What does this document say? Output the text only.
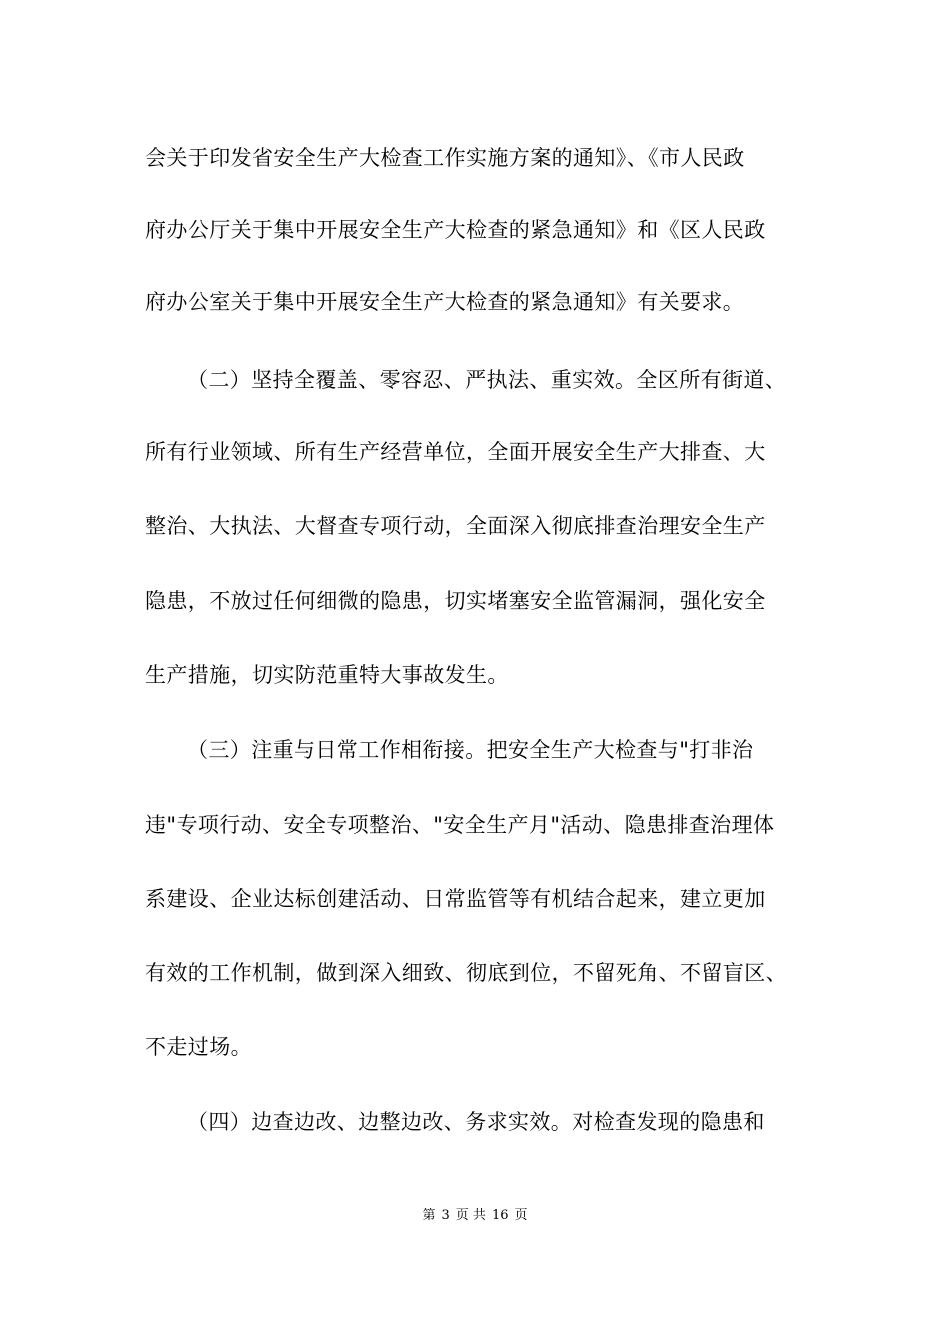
会关于印发省安全生产大检查工作实施方案的通知》、《市人民政
府办公厅关于集中开展安全生产大检查的紧急通知》和《区人民政
府办公室关于集中开展安全生产大检查的紧急通知》有关要求。
（二）坚持全覆盖、零容忍、严执法、重实效。全区所有街道、
所有行业领域、所有生产经营单位，全面开展安全生产大排查、大
整治、大执法、大督查专项行动，全面深入彻底排查治理安全生产
隐患，不放过任何细微的隐患，切实堵塞安全监管漏洞，强化安全
生产措施，切实防范重特大事故发生。
（三）注重与日常工作相衔接。把安全生产大检查与"打非治
违"专项行动、安全专项整治、"安全生产月"活动、隐患排查治理体
系建设、企业达标创建活动、日常监管等有机结合起来，建立更加
有效的工作机制，做到深入细致、彻底到位，不留死角、不留盲区、
不走过场。
（四）边查边改、边整边改、务求实效。对检查发现的隐患和
第 3 页 共 16 页
